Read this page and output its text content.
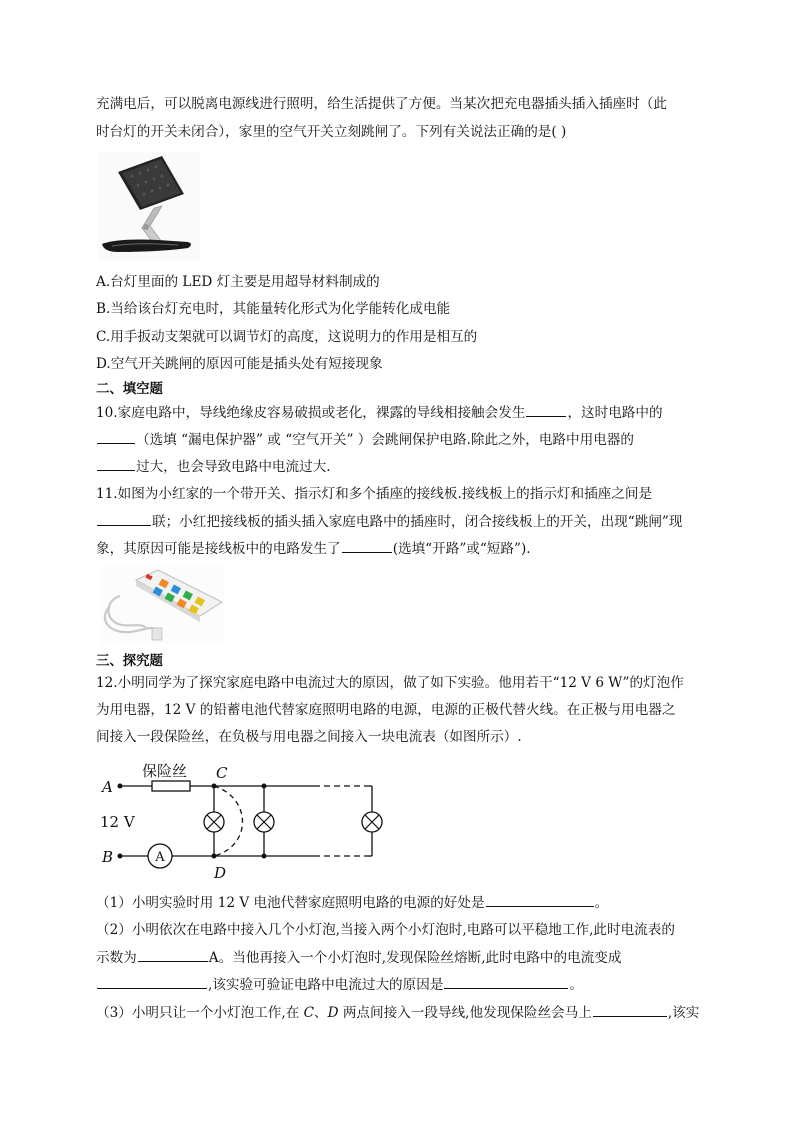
充满电后，可以脱离电源线进行照明，给生活提供了方便。当某次把充电器插头插入插座时（此
时台灯的开关未闭合），家里的空气开关立刻跳闸了。下列有关说法正确的是( )
A.台灯里面的 LED 灯主要是用超导材料制成的
B.当给该台灯充电时，其能量转化形式为化学能转化成电能
C.用手扳动支架就可以调节灯的高度，这说明力的作用是相互的
D.空气开关跳闸的原因可能是插头处有短接现象
二、填空题
10.家庭电路中，导线绝缘皮容易破损或老化，裸露的导线相接触会发生	，这时电路中的
（选填 “漏电保护器” 或 “空气开关” ）会跳闸保护电路.除此之外，电路中用电器的
过大，也会导致电路中电流过大.
11.如图为小红家的一个带开关、指示灯和多个插座的接线板.接线板上的指示灯和插座之间是
联；小红把接线板的插头插入家庭电路中的插座时，闭合接线板上的开关，出现“跳闸”现
象，其原因可能是接线板中的电路发生了	(选填“开路”或“短路”).
三、探究题
12.小明同学为了探究家庭电路中电流过大的原因，做了如下实验。他用若干“12 V 6 W”的灯泡作
为用电器，12 V 的铅蓄电池代替家庭照明电路的电源，电源的正极代替火线。在正极与用电器之
间接入一段保险丝，在负极与用电器之间接入一块电流表（如图所示）.
A
A
B
12 V
保险丝 C
D
（1）小明实验时用 12 V 电池代替家庭照明电路的电源的好处是	。
（2）小明依次在电路中接入几个小灯泡,当接入两个小灯泡时,电路可以平稳地工作,此时电流表的
示数为	A。当他再接入一个小灯泡时,发现保险丝熔断,此时电路中的电流变成
,该实验可验证电路中电流过大的原因是	。
（3）小明只让一个小灯泡工作,在 C、D 两点间接入一段导线,他发现保险丝会马上	,该实
